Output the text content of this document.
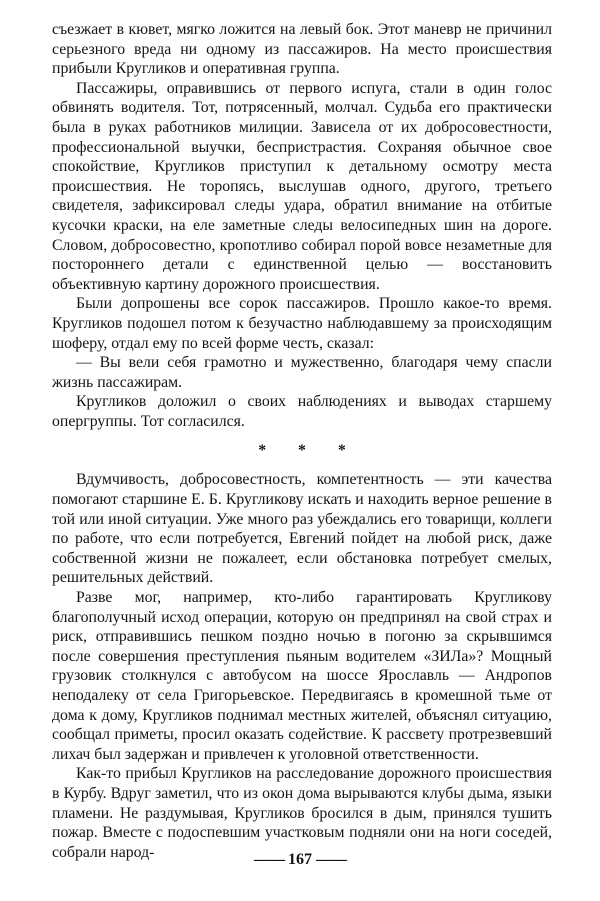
съезжает в кювет, мягко ложится на левый бок. Этот маневр не причинил серьезного вреда ни одному из пассажиров. На место происшествия прибыли Кругликов и оперативная группа.

Пассажиры, оправившись от первого испуга, стали в один голос обвинять водителя. Тот, потрясенный, молчал. Судьба его практически была в руках работников милиции. Зависела от их добросовестности, профессиональной выучки, беспристрастия. Сохраняя обычное свое спокойствие, Кругликов приступил к детальному осмотру места происшествия. Не торопясь, выслушав одного, другого, третьего свидетеля, зафиксировал следы удара, обратил внимание на отбитые кусочки краски, на еле заметные следы велосипедных шин на дороге. Словом, добросовестно, кропотливо собирал порой вовсе незаметные для постороннего детали с единственной целью — восстановить объективную картину дорожного происшествия.

Были допрошены все сорок пассажиров. Прошло какое-то время. Кругликов подошел потом к безучастно наблюдавшему за происходящим шоферу, отдал ему по всей форме честь, сказал:

— Вы вели себя грамотно и мужественно, благодаря чему спасли жизнь пассажирам.

Кругликов доложил о своих наблюдениях и выводах старшему опергруппы. Тот согласился.

* * *

Вдумчивость, добросовестность, компетентность — эти качества помогают старшине Е. Б. Кругликову искать и находить верное решение в той или иной ситуации. Уже много раз убеждались его товарищи, коллеги по работе, что если потребуется, Евгений пойдет на любой риск, даже собственной жизни не пожалеет, если обстановка потребует смелых, решительных действий.

Разве мог, например, кто-либо гарантировать Кругликову благополучный исход операции, которую он предпринял на свой страх и риск, отправившись пешком поздно ночью в погоню за скрывшимся после совершения преступления пьяным водителем «ЗИЛа»? Мощный грузовик столкнулся с автобусом на шоссе Ярославль — Андропов неподалеку от села Григорьевское. Передвигаясь в кромешной тьме от дома к дому, Кругликов поднимал местных жителей, объяснял ситуацию, сообщал приметы, просил оказать содействие. К рассвету протрезвевший лихач был задержан и привлечен к уголовной ответственности.

Как-то прибыл Кругликов на расследование дорожного происшествия в Курбу. Вдруг заметил, что из окон дома вырываются клубы дыма, языки пламени. Не раздумывая, Кругликов бросился в дым, принялся тушить пожар. Вместе с подоспевшим участковым подняли они на ноги соседей, собрали народ-	—— 167 ——
